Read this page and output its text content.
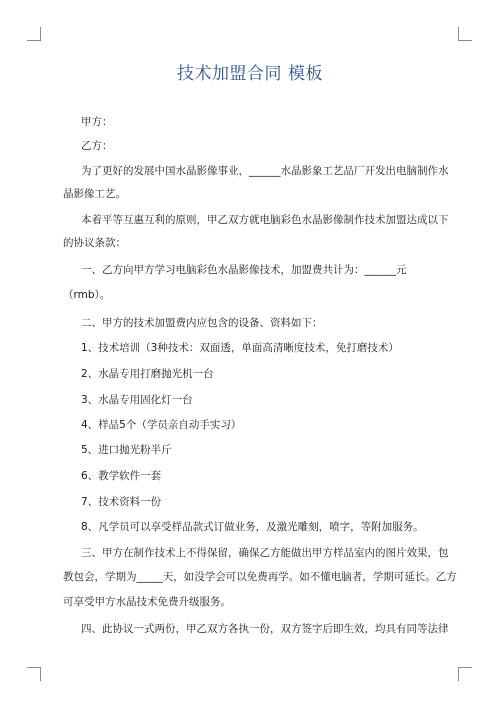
技术加盟合同 模板
甲方：
乙方：
为了更好的发展中国水晶影像事业，______水晶影象工艺品厂开发出电脑制作水
晶影像工艺。
本着平等互惠互利的原则，甲乙双方就电脑彩色水晶影像制作技术加盟达成以下
的协议条款：
一、乙方向甲方学习电脑彩色水晶影像技术，加盟费共计为：______元
（rmb）。
二、甲方的技术加盟费内应包含的设备、资料如下：
1、技术培训（3种技术：双面透，单面高清晰度技术，免打磨技术）
2、水晶专用打磨抛光机一台
3、水晶专用固化灯一台
4、样品5个（学员亲自动手实习）
5、进口抛光粉半斤
6、教学软件一套
7、技术资料一份
8、凡学员可以享受样品款式订做业务，及激光雕刻，喷字，等附加服务。
三、甲方在制作技术上不得保留，确保乙方能做出甲方样品室内的图片效果，包
教包会，学期为_____天，如没学会可以免费再学。如不懂电脑者，学期可延长。乙方
可享受甲方水晶技术免费升级服务。
四、此协议一式两份，甲乙双方各执一份，双方签字后即生效，均具有同等法律
